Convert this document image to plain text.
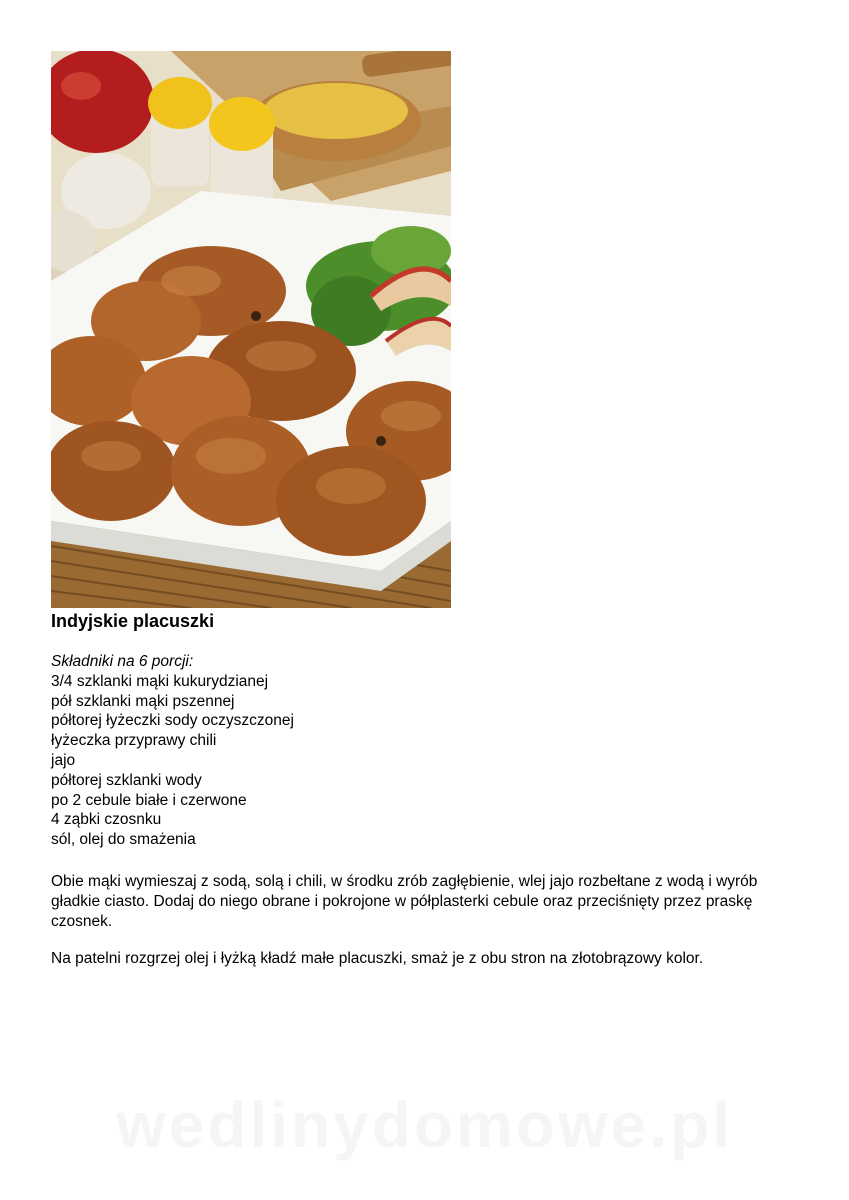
Indyjskie placuszki
Składniki na 6 porcji:
3/4 szklanki mąki kukurydzianej
pół szklanki mąki pszennej
półtorej łyżeczki sody oczyszczonej
łyżeczka przyprawy chili
jajo
półtorej szklanki wody
po 2 cebule białe i czerwone
4 ząbki czosnku
sól, olej do smażenia

Obie mąki wymieszaj z sodą, solą i chili, w środku zrób zagłębienie, wlej jajo rozbełtane z wodą i wyrób gładkie ciasto. Dodaj do niego obrane i pokrojone w półplasterki cebule oraz przeciśnięty przez praskę czosnek.

Na patelni rozgrzej olej i łyżką kładź małe placuszki, smaż je z obu stron na złotobrązowy kolor.

wedlinydomowe.pl
